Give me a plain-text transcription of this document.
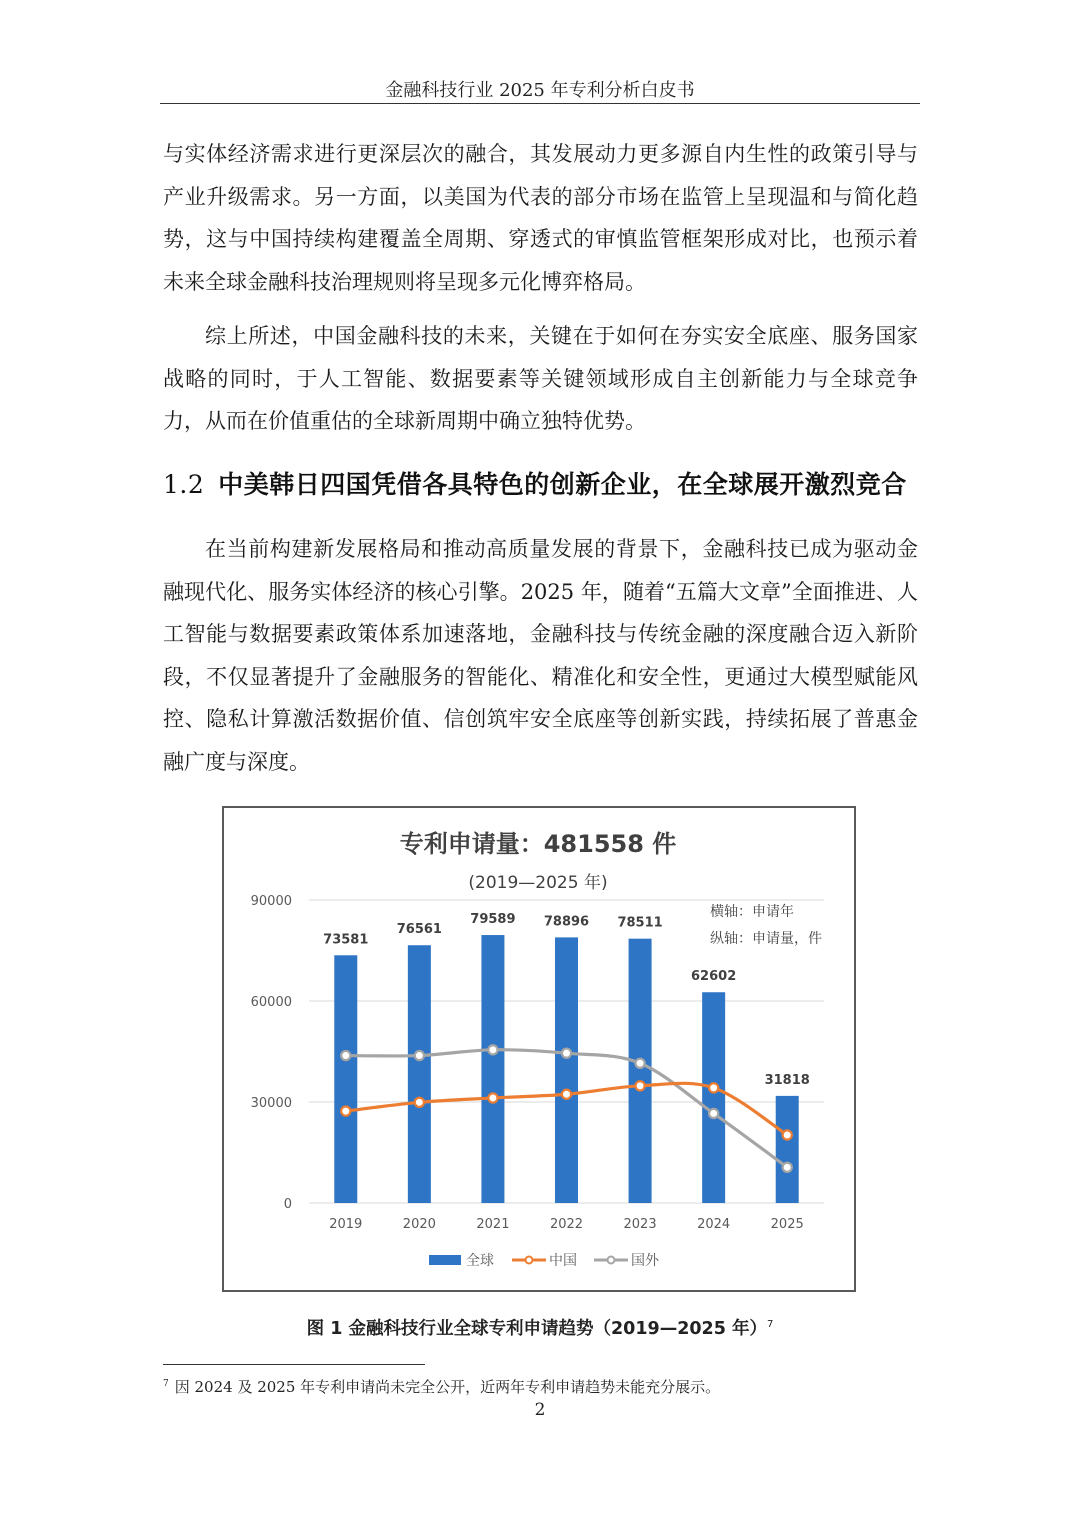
金融科技行业 2025 年专利分析白皮书

与实体经济需求进行更深层次的融合，其发展动力更多源自内生性的政策引导与产业升级需求。另一方面，以美国为代表的部分市场在监管上呈现温和与简化趋势，这与中国持续构建覆盖全周期、穿透式的审慎监管框架形成对比，也预示着未来全球金融科技治理规则将呈现多元化博弈格局。

综上所述，中国金融科技的未来，关键在于如何在夯实安全底座、服务国家战略的同时，于人工智能、数据要素等关键领域形成自主创新能力与全球竞争力，从而在价值重估的全球新周期中确立独特优势。

1.2 中美韩日四国凭借各具特色的创新企业，在全球展开激烈竞合

在当前构建新发展格局和推动高质量发展的背景下，金融科技已成为驱动金融现代化、服务实体经济的核心引擎。2025 年，随着“五篇大文章”全面推进、人工智能与数据要素政策体系加速落地，金融科技与传统金融的深度融合迈入新阶段，不仅显著提升了金融服务的智能化、精准化和安全性，更通过大模型赋能风控、隐私计算激活数据价值、信创筑牢安全底座等创新实践，持续拓展了普惠金融广度与深度。

专利申请量：481558 件
(2019—2025 年)
横轴：申请年
纵轴：申请量，件
0
30000
60000
90000
73581
76561
79589 78896 78511
62602
31818
2019	2020	2021	2022	2023	2024	2025
全球	中国	国外
图 1 金融科技行业全球专利申请趋势（2019—2025 年）$^7$
$^7$ 因 2024 及 2025 年专利申请尚未完全公开，近两年专利申请趋势未能充分展示。
2
